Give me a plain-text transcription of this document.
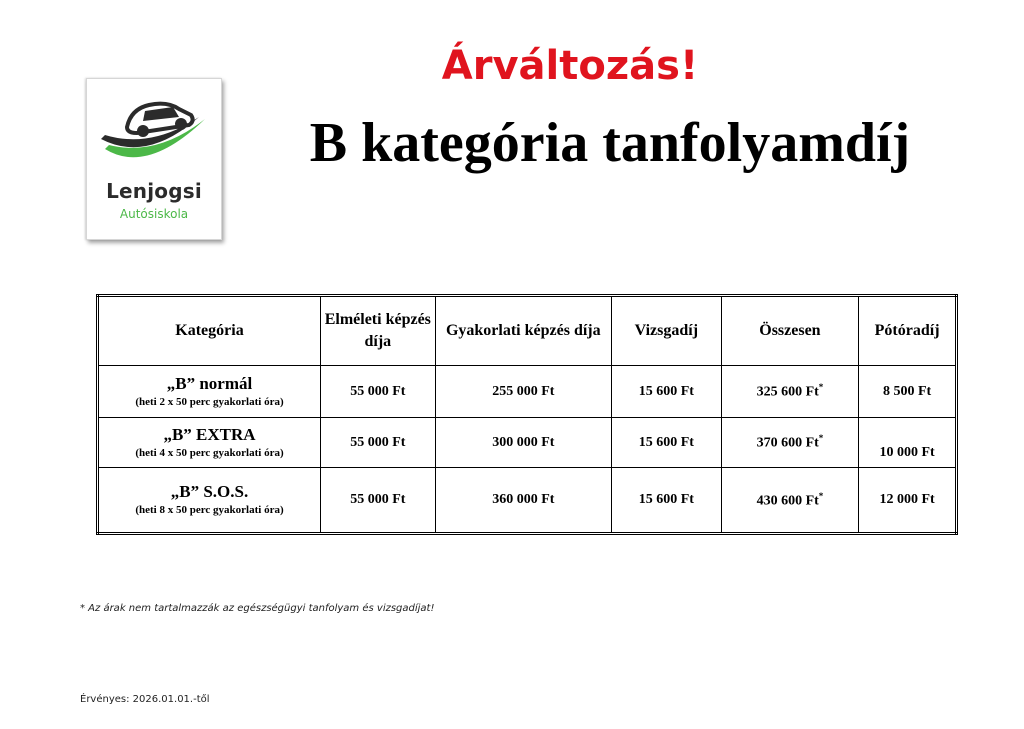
Lenjogsi
Autósiskola
Árváltozás!
B kategória tanfolyamdíj
Kategória	Elméleti képzés díja	Gyakorlati képzés díja	Vizsgadíj	Összesen	Pótóradíj

„B” normál
(heti 2 x 50 perc gyakorlati óra)	55 000 Ft	255 000 Ft	15 600 Ft	325 600 Ft*	8 500 Ft

„B” EXTRA
(heti 4 x 50 perc gyakorlati óra)	55 000 Ft	300 000 Ft	15 600 Ft	370 600 Ft*	10 000 Ft

„B” S.O.S.
(heti 8 x 50 perc gyakorlati óra)	55 000 Ft	360 000 Ft	15 600 Ft	430 600 Ft*	12 000 Ft
* Az árak nem tartalmazzák az egészségügyi tanfolyam és vizsgadíjat!
Érvényes: 2026.01.01.-től
